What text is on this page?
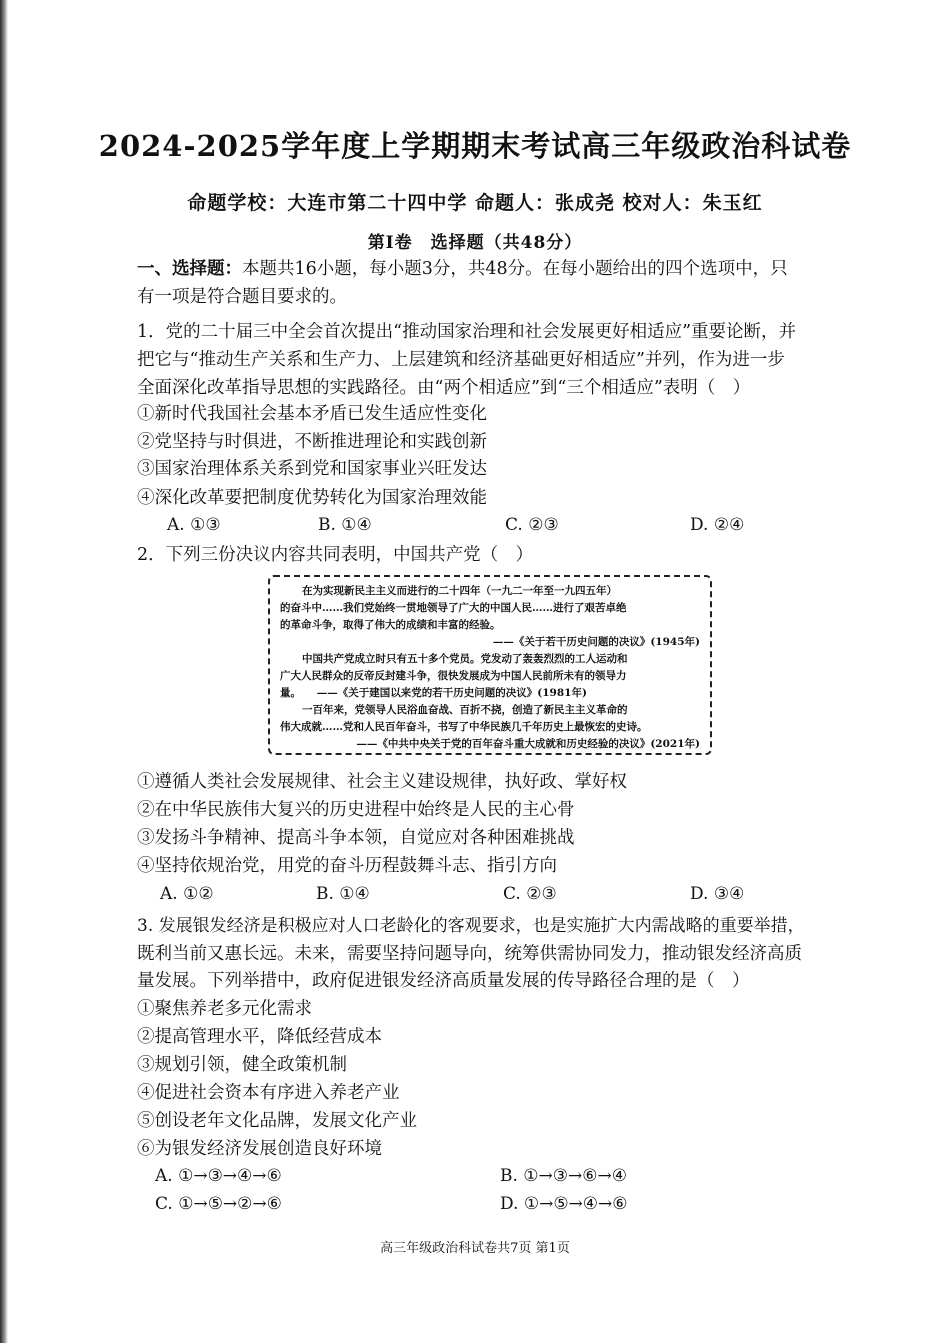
2024-2025学年度上学期期末考试高三年级政治科试卷
命题学校：大连市第二十四中学 命题人：张成尧 校对人：朱玉红
第Ⅰ卷　选择题（共48分）
一、选择题：本题共16小题，每小题3分，共48分。在每小题给出的四个选项中，只
有一项是符合题目要求的。
1．党的二十届三中全会首次提出“推动国家治理和社会发展更好相适应”重要论断，并
把它与“推动生产关系和生产力、上层建筑和经济基础更好相适应”并列，作为进一步
全面深化改革指导思想的实践路径。由“两个相适应”到“三个相适应”表明（　）
①新时代我国社会基本矛盾已发生适应性变化
②党坚持与时俱进，不断推进理论和实践创新
③国家治理体系关系到党和国家事业兴旺发达
④深化改革要把制度优势转化为国家治理效能
A. ①③	B. ①④	C. ②③	D. ②④
2．下列三份决议内容共同表明，中国共产党（　）
在为实现新民主主义而进行的二十四年（一九二一年至一九四五年）
的奋斗中……我们党始终一贯地领导了广大的中国人民……进行了艰苦卓绝
的革命斗争，取得了伟大的成绩和丰富的经验。
——《关于若干历史问题的决议》(1945年)
中国共产党成立时只有五十多个党员。党发动了轰轰烈烈的工人运动和
广大人民群众的反帝反封建斗争，很快发展成为中国人民前所未有的领导力
量。　　——《关于建国以来党的若干历史问题的决议》(1981年)
一百年来，党领导人民浴血奋战、百折不挠，创造了新民主主义革命的
伟大成就……党和人民百年奋斗，书写了中华民族几千年历史上最恢宏的史诗。
——《中共中央关于党的百年奋斗重大成就和历史经验的决议》(2021年)
①遵循人类社会发展规律、社会主义建设规律，执好政、掌好权
②在中华民族伟大复兴的历史进程中始终是人民的主心骨
③发扬斗争精神、提高斗争本领，自觉应对各种困难挑战
④坚持依规治党，用党的奋斗历程鼓舞斗志、指引方向
A. ①②	B. ①④	C. ②③	D. ③④
3. 发展银发经济是积极应对人口老龄化的客观要求，也是实施扩大内需战略的重要举措，
既利当前又惠长远。未来，需要坚持问题导向，统筹供需协同发力，推动银发经济高质
量发展。下列举措中，政府促进银发经济高质量发展的传导路径合理的是（　）
①聚焦养老多元化需求
②提高管理水平，降低经营成本
③规划引领，健全政策机制
④促进社会资本有序进入养老产业
⑤创设老年文化品牌，发展文化产业
⑥为银发经济发展创造良好环境
A. ①→③→④→⑥	B. ①→③→⑥→④
C. ①→⑤→②→⑥	D. ①→⑤→④→⑥
高三年级政治科试卷共7页 第1页
